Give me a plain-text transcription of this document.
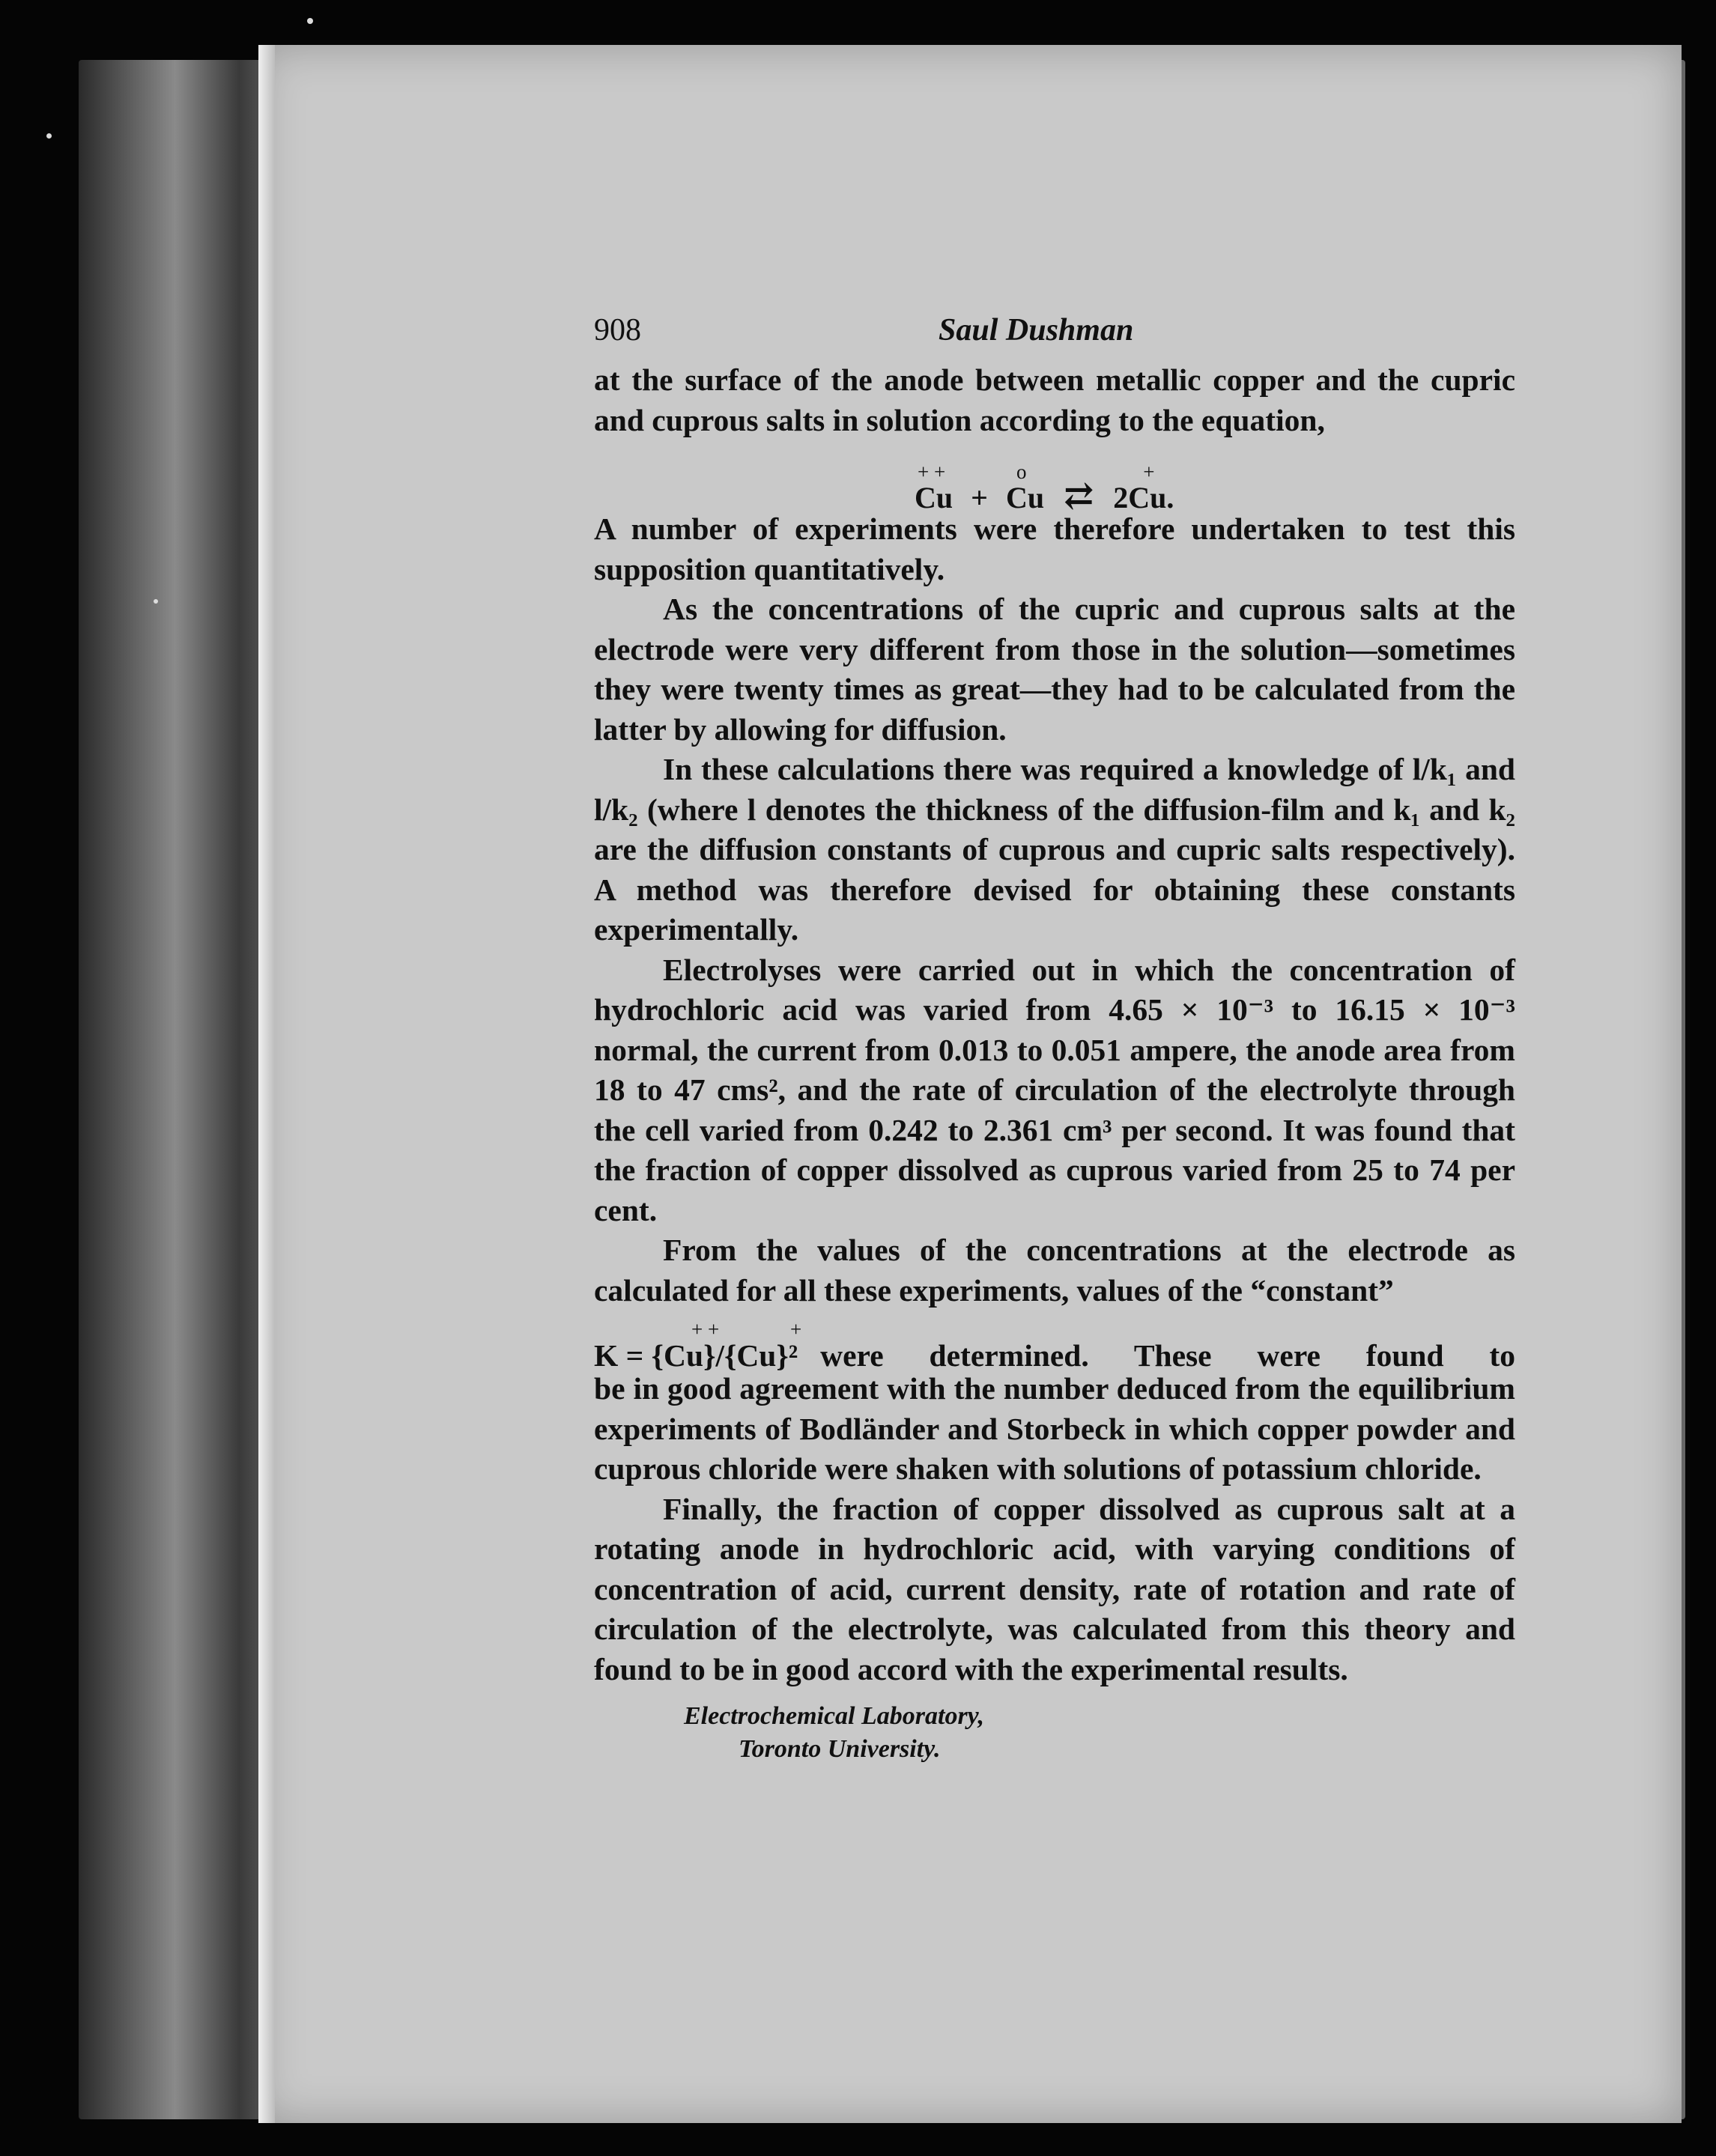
908	Saul Dushman

at the surface of the anode between metallic copper and the cupric and cuprous salts in solution according to the equation,

+ +
Cu +
o
Cu ⇄
+
2Cu.

A number of experiments were therefore undertaken to test this supposition quantitatively.

As the concentrations of the cupric and cuprous salts at the electrode were very different from those in the solution—sometimes they were twenty times as great—they had to be calculated from the latter by allowing for diffusion.

In these calculations there was required a knowledge of l/k₁ and l/k₂ (where l denotes the thickness of the diffusion-film and k₁ and k₂ are the diffusion constants of cuprous and cupric salts respectively). A method was therefore devised for obtaining these constants experimentally.

Electrolyses were carried out in which the concentration of hydrochloric acid was varied from 4.65 × 10⁻³ to 16.15 × 10⁻³ normal, the current from 0.013 to 0.051 ampere, the anode area from 18 to 47 cms², and the rate of circulation of the electrolyte through the cell varied from 0.242 to 2.361 cm³ per second. It was found that the fraction of copper dissolved as cuprous varied from 25 to 74 per cent.

From the values of the concentrations at the electrode as calculated for all these experiments, values of the “constant”

+ +	+
K = {Cu}/{Cu}² were determined. These were found to

be in good agreement with the number deduced from the equilibrium experiments of Bodländer and Storbeck in which copper powder and cuprous chloride were shaken with solutions of potassium chloride.

Finally, the fraction of copper dissolved as cuprous salt at a rotating anode in hydrochloric acid, with varying conditions of concentration of acid, current density, rate of rotation and rate of circulation of the electrolyte, was calculated from this theory and found to be in good accord with the experimental results.

Electrochemical Laboratory,
Toronto University.
